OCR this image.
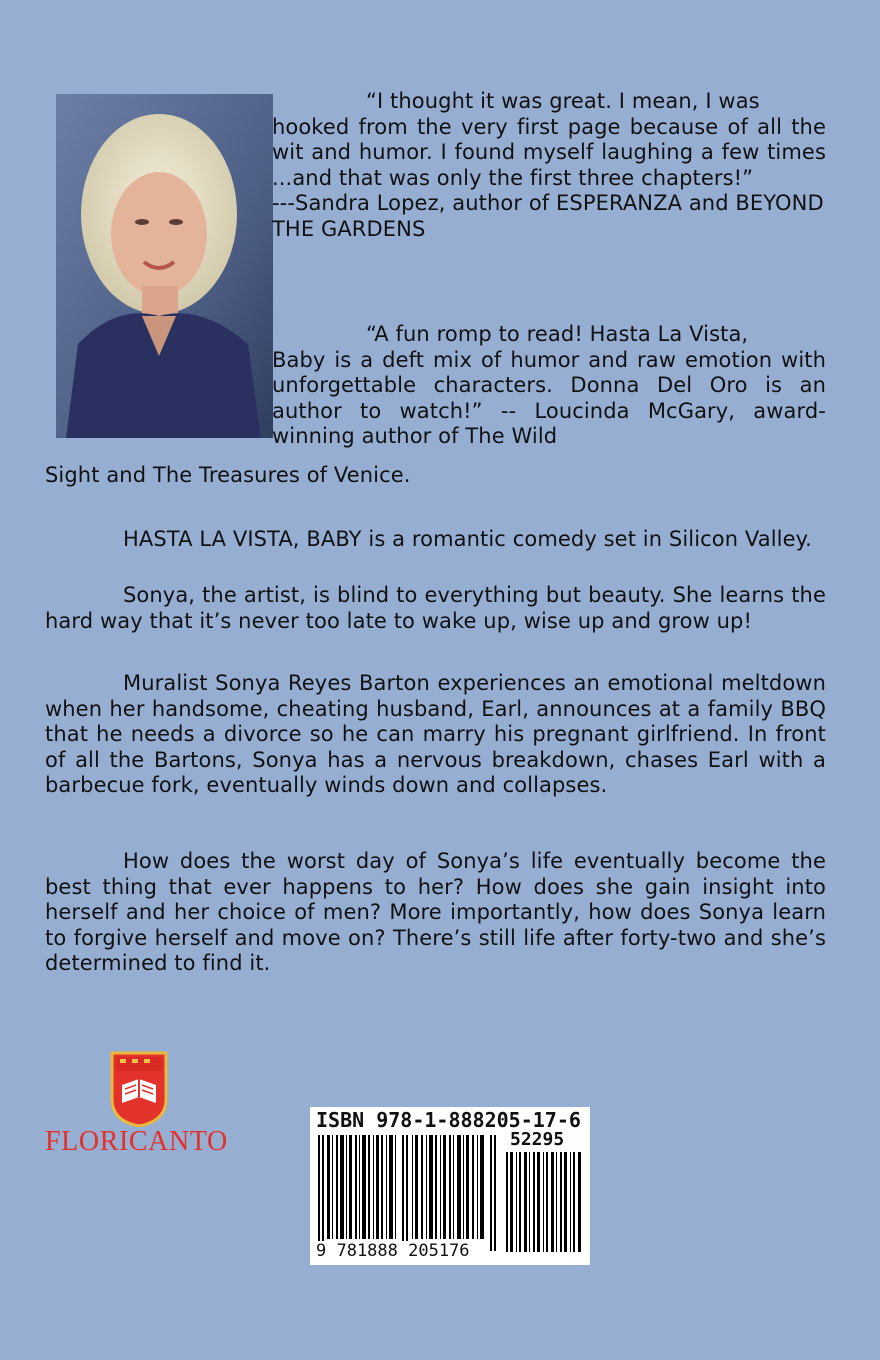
“I thought it was great. I mean, I was
hooked from the very first page because of all the wit and humor. I found myself laughing a few times ...and that was only the first three chapters!”

---Sandra Lopez, author of ESPERANZA and BEYOND THE GARDENS
“A fun romp to read! Hasta La Vista,
Baby is a deft mix of humor and raw emotion with unforgettable characters. Donna Del Oro is an author to watch!” -- Loucinda McGary, award-winning author of The Wild
Sight and The Treasures of Venice.

HASTA LA VISTA, BABY is a romantic comedy set in Silicon Valley.

Sonya, the artist, is blind to everything but beauty. She learns the hard way that it’s never too late to wake up, wise up and grow up!

Muralist Sonya Reyes Barton experiences an emotional meltdown when her handsome, cheating husband, Earl, announces at a family BBQ that he needs a divorce so he can marry his pregnant girlfriend. In front of all the Bartons, Sonya has a nervous breakdown, chases Earl with a barbecue fork, eventually winds down and collapses.

How does the worst day of Sonya’s life eventually become the best thing that ever happens to her? How does she gain insight into herself and her choice of men? More importantly, how does Sonya learn to forgive herself and move on? There’s still life after forty-two and she’s determined to find it.

FLORICANTO

ISBN 978-1-888205-17-6

52295

9 781888 205176
